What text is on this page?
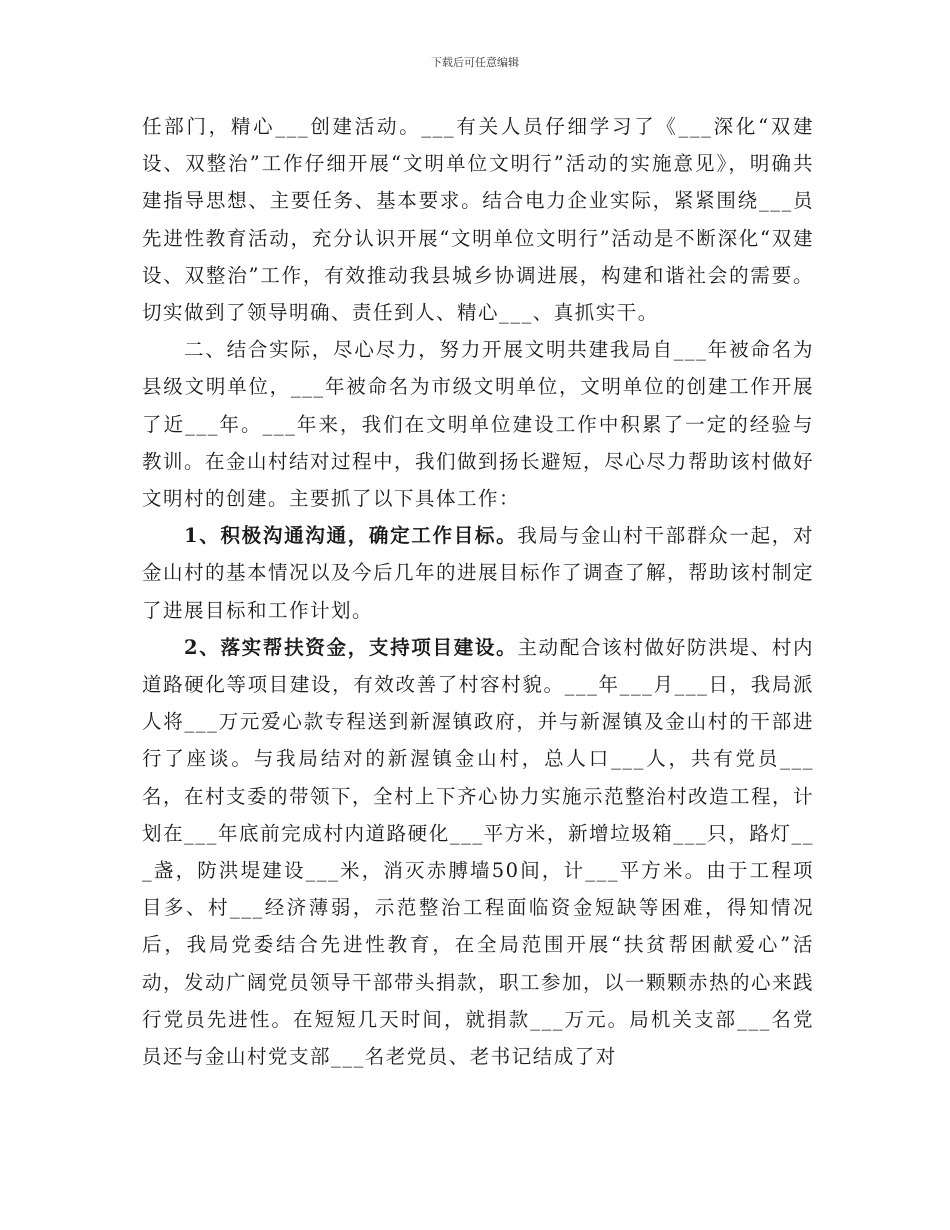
下载后可任意编辑

任部门，精心___创建活动。___有关人员仔细学习了《___深化“双建设、双整治”工作仔细开展“文明单位文明行”活动的实施意见》，明确共建指导思想、主要任务、基本要求。结合电力企业实际，紧紧围绕___员先进性教育活动，充分认识开展“文明单位文明行”活动是不断深化“双建设、双整治”工作，有效推动我县城乡协调进展，构建和谐社会的需要。切实做到了领导明确、责任到人、精心___、真抓实干。

二、结合实际，尽心尽力，努力开展文明共建我局自___年被命名为县级文明单位，___年被命名为市级文明单位，文明单位的创建工作开展了近___年。___年来，我们在文明单位建设工作中积累了一定的经验与教训。在金山村结对过程中，我们做到扬长避短，尽心尽力帮助该村做好文明村的创建。主要抓了以下具体工作：

1、积极沟通沟通，确定工作目标。我局与金山村干部群众一起，对金山村的基本情况以及今后几年的进展目标作了调查了解，帮助该村制定了进展目标和工作计划。

2、落实帮扶资金，支持项目建设。主动配合该村做好防洪堤、村内道路硬化等项目建设，有效改善了村容村貌。___年___月___日，我局派人将___万元爱心款专程送到新渥镇政府，并与新渥镇及金山村的干部进行了座谈。与我局结对的新渥镇金山村，总人口___人，共有党员___名，在村支委的带领下，全村上下齐心协力实施示范整治村改造工程，计划在___年底前完成村内道路硬化___平方米，新增垃圾箱___只，路灯___盏，防洪堤建设___米，消灭赤膊墙50间，计___平方米。由于工程项目多、村___经济薄弱，示范整治工程面临资金短缺等困难，得知情况后，我局党委结合先进性教育，在全局范围开展“扶贫帮困献爱心”活动，发动广阔党员领导干部带头捐款，职工参加，以一颗颗赤热的心来践行党员先进性。在短短几天时间，就捐款___万元。局机关支部___名党员还与金山村党支部___名老党员、老书记结成了对
